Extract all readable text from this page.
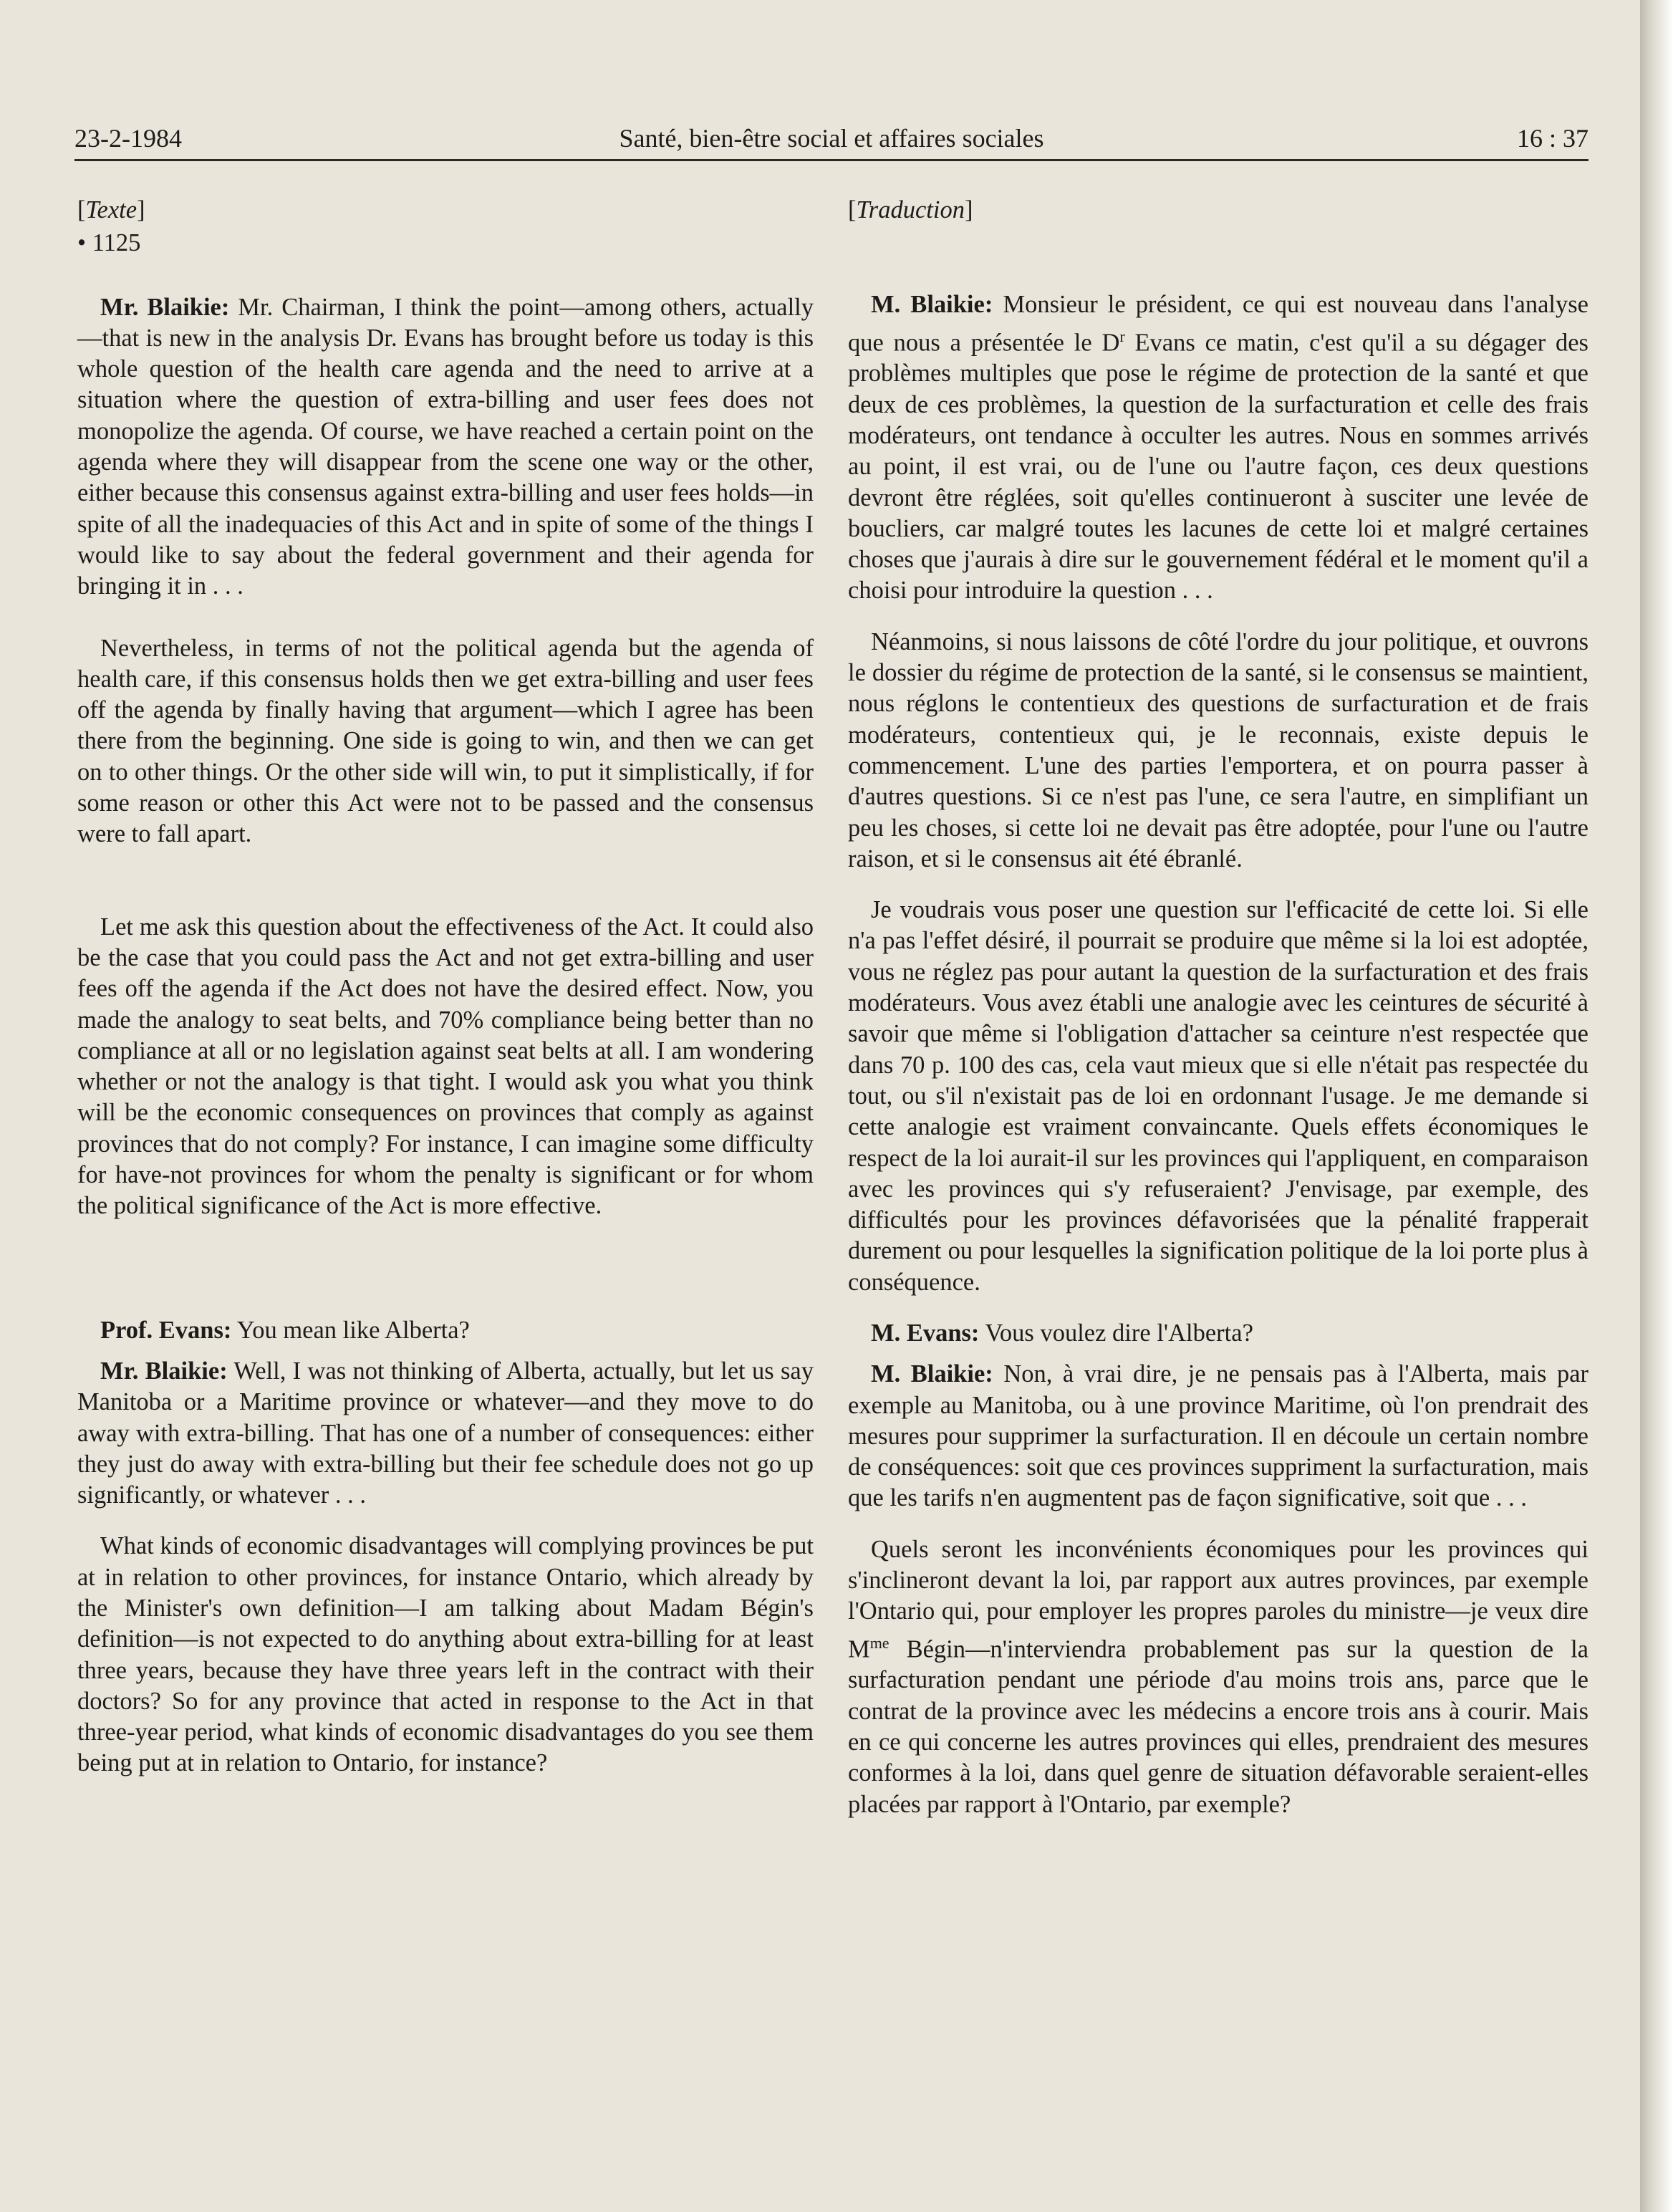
23-2-1984	Santé, bien-être social et affaires sociales	16 : 37

[Texte]

• 1125

Mr. Blaikie: Mr. Chairman, I think the point—among others, actually—that is new in the analysis Dr. Evans has brought before us today is this whole question of the health care agenda and the need to arrive at a situation where the question of extra-billing and user fees does not monopolize the agenda. Of course, we have reached a certain point on the agenda where they will disappear from the scene one way or the other, either because this consensus against extra-billing and user fees holds—in spite of all the inadequacies of this Act and in spite of some of the things I would like to say about the federal government and their agenda for bringing it in . . .

Nevertheless, in terms of not the political agenda but the agenda of health care, if this consensus holds then we get extra-billing and user fees off the agenda by finally having that argument––which I agree has been there from the beginning. One side is going to win, and then we can get on to other things. Or the other side will win, to put it simplistically, if for some reason or other this Act were not to be passed and the consensus were to fall apart.

Let me ask this question about the effectiveness of the Act. It could also be the case that you could pass the Act and not get extra-billing and user fees off the agenda if the Act does not have the desired effect. Now, you made the analogy to seat belts, and 70% compliance being better than no compliance at all or no legislation against seat belts at all. I am wondering whether or not the analogy is that tight. I would ask you what you think will be the economic consequences on provinces that comply as against provinces that do not comply? For instance, I can imagine some difficulty for have-not provinces for whom the penalty is significant or for whom the political significance of the Act is more effective.

Prof. Evans: You mean like Alberta?

Mr. Blaikie: Well, I was not thinking of Alberta, actually, but let us say Manitoba or a Maritime province or whatever—and they move to do away with extra-billing. That has one of a number of consequences: either they just do away with extra-billing but their fee schedule does not go up significantly, or whatever . . .

What kinds of economic disadvantages will complying provinces be put at in relation to other provinces, for instance Ontario, which already by the Minister's own definition—I am talking about Madam Bégin's definition—is not expected to do anything about extra-billing for at least three years, because they have three years left in the contract with their doctors? So for any province that acted in response to the Act in that three-year period, what kinds of economic disadvantages do you see them being put at in relation to Ontario, for instance?

[Traduction]

M. Blaikie: Monsieur le président, ce qui est nouveau dans l'analyse que nous a présentée le $D^r$ Evans ce matin, c'est qu'il a su dégager des problèmes multiples que pose le régime de protection de la santé et que deux de ces problèmes, la question de la surfacturation et celle des frais modérateurs, ont tendance à occulter les autres. Nous en sommes arrivés au point, il est vrai, ou de l'une ou l'autre façon, ces deux questions devront être réglées, soit qu'elles continueront à susciter une levée de boucliers, car malgré toutes les lacunes de cette loi et malgré certaines choses que j'aurais à dire sur le gouvernement fédéral et le moment qu'il a choisi pour introduire la question . . .

Néanmoins, si nous laissons de côté l'ordre du jour politique, et ouvrons le dossier du régime de protection de la santé, si le consensus se maintient, nous réglons le contentieux des questions de surfacturation et de frais modérateurs, contentieux qui, je le reconnais, existe depuis le commencement. L'une des parties l'emportera, et on pourra passer à d'autres questions. Si ce n'est pas l'une, ce sera l'autre, en simplifiant un peu les choses, si cette loi ne devait pas être adoptée, pour l'une ou l'autre raison, et si le consensus ait été ébranlé.

Je voudrais vous poser une question sur l'efficacité de cette loi. Si elle n'a pas l'effet désiré, il pourrait se produire que même si la loi est adoptée, vous ne réglez pas pour autant la question de la surfacturation et des frais modérateurs. Vous avez établi une analogie avec les ceintures de sécurité à savoir que même si l'obligation d'attacher sa ceinture n'est respectée que dans 70 p. 100 des cas, cela vaut mieux que si elle n'était pas respectée du tout, ou s'il n'existait pas de loi en ordonnant l'usage. Je me demande si cette analogie est vraiment convaincante. Quels effets économiques le respect de la loi aurait-il sur les provinces qui l'appliquent, en comparaison avec les provinces qui s'y refuseraient? J'envisage, par exemple, des difficultés pour les provinces défavorisées que la pénalité frapperait durement ou pour lesquelles la signification politique de la loi porte plus à conséquence.

M. Evans: Vous voulez dire l'Alberta?

M. Blaikie: Non, à vrai dire, je ne pensais pas à l'Alberta, mais par exemple au Manitoba, ou à une province Maritime, où l'on prendrait des mesures pour supprimer la surfacturation. Il en découle un certain nombre de conséquences: soit que ces provinces suppriment la surfacturation, mais que les tarifs n'en augmentent pas de façon significative, soit que . . .

Quels seront les inconvénients économiques pour les provinces qui s'inclineront devant la loi, par rapport aux autres provinces, par exemple l'Ontario qui, pour employer les propres paroles du ministre—je veux dire $M^{me}$ Bégin—n'interviendra probablement pas sur la question de la surfacturation pendant une période d'au moins trois ans, parce que le contrat de la province avec les médecins a encore trois ans à courir. Mais en ce qui concerne les autres provinces qui elles, prendraient des mesures conformes à la loi, dans quel genre de situation défavorable seraient-elles placées par rapport à l'Ontario, par exemple?
